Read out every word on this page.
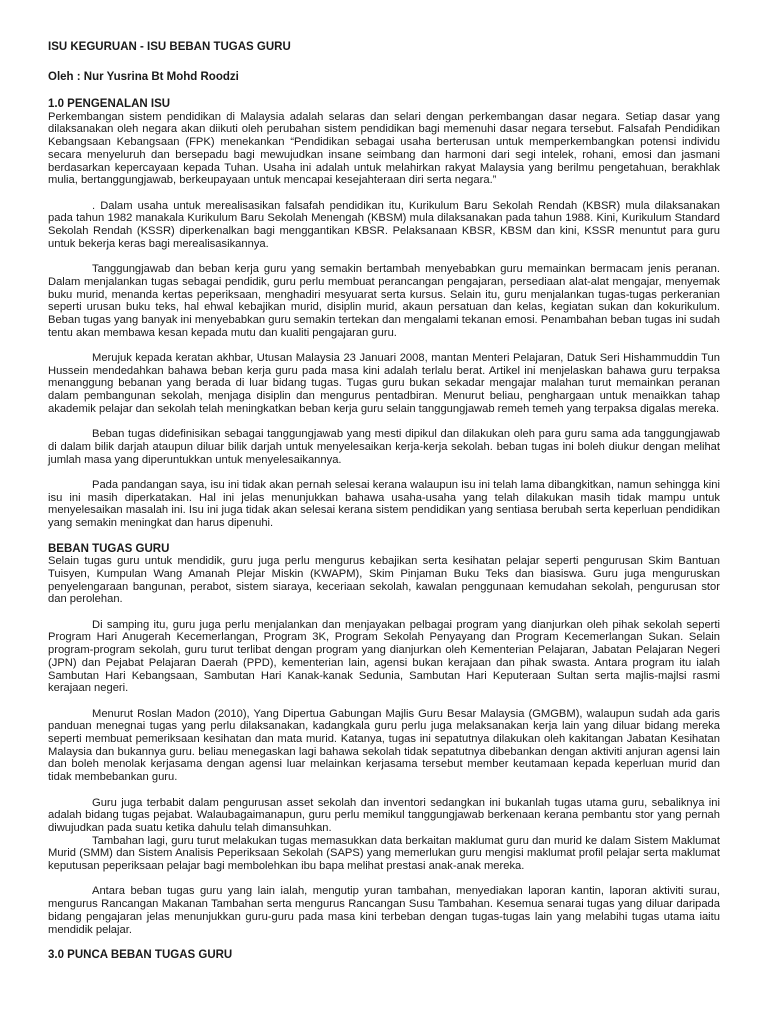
ISU KEGURUAN - ISU BEBAN TUGAS GURU

Oleh : Nur Yusrina Bt Mohd Roodzi

1.0 PENGENALAN ISU

Perkembangan sistem pendidikan di Malaysia adalah selaras dan selari dengan perkembangan dasar negara. Setiap dasar yang dilaksanakan oleh negara akan diikuti oleh perubahan sistem pendidikan bagi memenuhi dasar negara tersebut. Falsafah Pendidikan Kebangsaan Kebangsaan (FPK) menekankan “Pendidikan sebagai usaha berterusan untuk memperkembangkan potensi individu secara menyeluruh dan bersepadu bagi mewujudkan insane seimbang dan harmoni dari segi intelek, rohani, emosi dan jasmani berdasarkan kepercayaan kepada Tuhan. Usaha ini adalah untuk melahirkan rakyat Malaysia yang berilmu pengetahuan, berakhlak mulia, bertanggungjawab, berkeupayaan untuk mencapai kesejahteraan diri serta negara.”

. Dalam usaha untuk merealisasikan falsafah pendidikan itu, Kurikulum Baru Sekolah Rendah (KBSR) mula dilaksanakan pada tahun 1982 manakala Kurikulum Baru Sekolah Menengah (KBSM) mula dilaksanakan pada tahun 1988. Kini, Kurikulum Standard Sekolah Rendah (KSSR) diperkenalkan bagi menggantikan KBSR. Pelaksanaan KBSR, KBSM dan kini, KSSR menuntut para guru untuk bekerja keras bagi merealisasikannya.

Tanggungjawab dan beban kerja guru yang semakin bertambah menyebabkan guru memainkan bermacam jenis peranan. Dalam menjalankan tugas sebagai pendidik, guru perlu membuat perancangan pengajaran, persediaan alat-alat mengajar, menyemak buku murid, menanda kertas peperiksaan, menghadiri mesyuarat serta kursus. Selain itu, guru menjalankan tugas-tugas perkeranian seperti urusan buku teks, hal ehwal kebajikan murid, disiplin murid, akaun persatuan dan kelas, kegiatan sukan dan kokurikulum. Beban tugas yang banyak ini menyebabkan guru semakin tertekan dan mengalami tekanan emosi. Penambahan beban tugas ini sudah tentu akan membawa kesan kepada mutu dan kualiti pengajaran guru.

Merujuk kepada keratan akhbar, Utusan Malaysia 23 Januari 2008, mantan Menteri Pelajaran, Datuk Seri Hishammuddin Tun Hussein mendedahkan bahawa beban kerja guru pada masa kini adalah terlalu berat. Artikel ini menjelaskan bahawa guru terpaksa menanggung bebanan yang berada di luar bidang tugas. Tugas guru bukan sekadar mengajar malahan turut memainkan peranan dalam pembangunan sekolah, menjaga disiplin dan mengurus pentadbiran. Menurut beliau, penghargaan untuk menaikkan tahap akademik pelajar dan sekolah telah meningkatkan beban kerja guru selain tanggungjawab remeh temeh yang terpaksa digalas mereka.

Beban tugas didefinisikan sebagai tanggungjawab yang mesti dipikul dan dilakukan oleh para guru sama ada tanggungjawab di dalam bilik darjah ataupun diluar bilik darjah untuk menyelesaikan kerja-kerja sekolah. beban tugas ini boleh diukur dengan melihat jumlah masa yang diperuntukkan untuk menyelesaikannya.

Pada pandangan saya, isu ini tidak akan pernah selesai kerana walaupun isu ini telah lama dibangkitkan, namun sehingga kini isu ini masih diperkatakan. Hal ini jelas menunjukkan bahawa usaha-usaha yang telah dilakukan masih tidak mampu untuk menyelesaikan masalah ini. Isu ini juga tidak akan selesai kerana sistem pendidikan yang sentiasa berubah serta keperluan pendidikan yang semakin meningkat dan harus dipenuhi.

BEBAN TUGAS GURU

Selain tugas guru untuk mendidik, guru juga perlu mengurus kebajikan serta kesihatan pelajar seperti pengurusan Skim Bantuan Tuisyen, Kumpulan Wang Amanah Plejar Miskin (KWAPM), Skim Pinjaman Buku Teks dan biasiswa. Guru juga menguruskan penyelengaraan bangunan, perabot, sistem siaraya, keceriaan sekolah, kawalan penggunaan kemudahan sekolah, pengurusan stor dan perolehan.

Di samping itu, guru juga perlu menjalankan dan menjayakan pelbagai program yang dianjurkan oleh pihak sekolah seperti Program Hari Anugerah Kecemerlangan, Program 3K, Program Sekolah Penyayang dan Program Kecemerlangan Sukan. Selain program-program sekolah, guru turut terlibat dengan program yang dianjurkan oleh Kementerian Pelajaran, Jabatan Pelajaran Negeri (JPN) dan Pejabat Pelajaran Daerah (PPD), kementerian lain, agensi bukan kerajaan dan pihak swasta. Antara program itu ialah Sambutan Hari Kebangsaan, Sambutan Hari Kanak-kanak Sedunia, Sambutan Hari Keputeraan Sultan serta majlis-majlsi rasmi kerajaan negeri.

Menurut Roslan Madon (2010), Yang Dipertua Gabungan Majlis Guru Besar Malaysia (GMGBM), walaupun sudah ada garis panduan menegnai tugas yang perlu dilaksanakan, kadangkala guru perlu juga melaksanakan kerja lain yang diluar bidang mereka seperti membuat pemeriksaan kesihatan dan mata murid. Katanya, tugas ini sepatutnya dilakukan oleh kakitangan Jabatan Kesihatan Malaysia dan bukannya guru. beliau menegaskan lagi bahawa sekolah tidak sepatutnya dibebankan dengan aktiviti anjuran agensi lain dan boleh menolak kerjasama dengan agensi luar melainkan kerjasama tersebut member keutamaan kepada keperluan murid dan tidak membebankan guru.

Guru juga terbabit dalam pengurusan asset sekolah dan inventori sedangkan ini bukanlah tugas utama guru, sebaliknya ini adalah bidang tugas pejabat. Walaubagaimanapun, guru perlu memikul tanggungjawab berkenaan kerana pembantu stor yang pernah diwujudkan pada suatu ketika dahulu telah dimansuhkan.

Tambahan lagi, guru turut melakukan tugas memasukkan data berkaitan maklumat guru dan murid ke dalam Sistem Maklumat Murid (SMM) dan Sistem Analisis Peperiksaan Sekolah (SAPS) yang memerlukan guru mengisi maklumat profil pelajar serta maklumat keputusan peperiksaan pelajar bagi membolehkan ibu bapa melihat prestasi anak-anak mereka.

Antara beban tugas guru yang lain ialah, mengutip yuran tambahan, menyediakan laporan kantin, laporan aktiviti surau, mengurus Rancangan Makanan Tambahan serta mengurus Rancangan Susu Tambahan. Kesemua senarai tugas yang diluar daripada bidang pengajaran jelas menunjukkan guru-guru pada masa kini terbeban dengan tugas-tugas lain yang melabihi tugas utama iaitu mendidik pelajar.

3.0 PUNCA BEBAN TUGAS GURU
